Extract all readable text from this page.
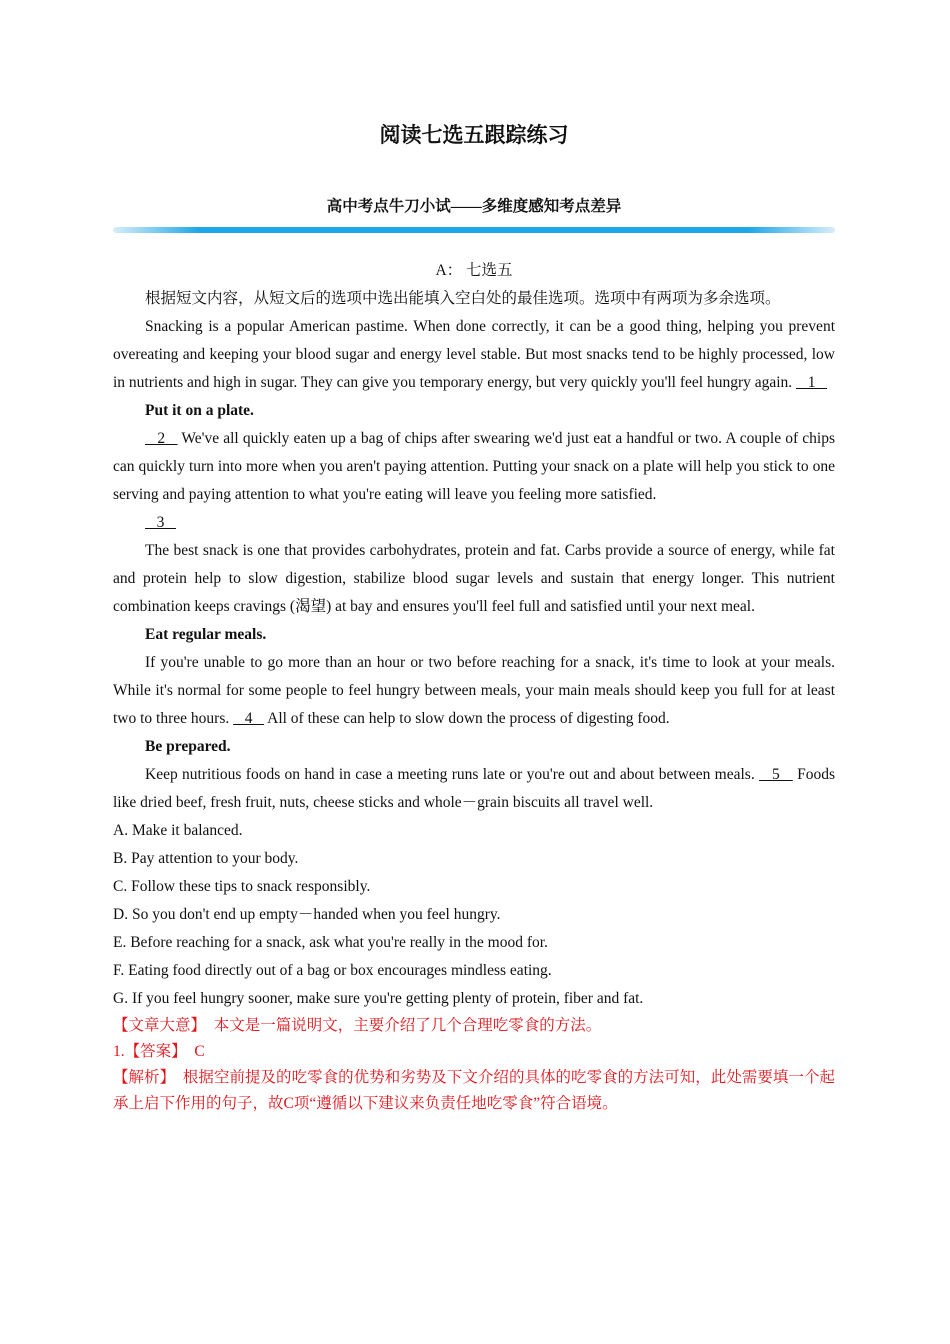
阅读七选五跟踪练习
高中考点牛刀小试——多维度感知考点差异

A： 七选五

根据短文内容，从短文后的选项中选出能填入空白处的最佳选项。选项中有两项为多余选项。

Snacking is a popular American pastime. When done correctly, it can be a good thing, helping you prevent overeating and keeping your blood sugar and energy level stable. But most snacks tend to be highly processed, low in nutrients and high in sugar. They can give you temporary energy, but very quickly you'll feel hungry again.    1

Put it on a plate.

2    We've all quickly eaten up a bag of chips after swearing we'd just eat a handful or two. A couple of chips can quickly turn into more when you aren't paying attention. Putting your snack on a plate will help you stick to one serving and paying attention to what you're eating will leave you feeling more satisfied.

3

The best snack is one that provides carbohydrates, protein and fat. Carbs provide a source of energy, while fat and protein help to slow digestion, stabilize blood sugar levels and sustain that energy longer. This nutrient combination keeps cravings (渴望) at bay and ensures you'll feel full and satisfied until your next meal.

Eat regular meals.

If you're unable to go more than an hour or two before reaching for a snack, it's time to look at your meals. While it's normal for some people to feel hungry between meals, your main meals should keep you full for at least two to three hours.    4    All of these can help to slow down the process of digesting food.

Be prepared.

Keep nutritious foods on hand in case a meeting runs late or you're out and about between meals.    5    Foods like dried beef, fresh fruit, nuts, cheese sticks and whole－grain biscuits all travel well.

A. Make it balanced.

B. Pay attention to your body.

C. Follow these tips to snack responsibly.

D. So you don't end up empty－handed when you feel hungry.

E. Before reaching for a snack, ask what you're really in the mood for.

F. Eating food directly out of a bag or box encourages mindless eating.

G. If you feel hungry sooner, make sure you're getting plenty of protein, fiber and fat.

【文章大意】　本文是一篇说明文，主要介绍了几个合理吃零食的方法。

1.【答案】　C

【解析】　根据空前提及的吃零食的优势和劣势及下文介绍的具体的吃零食的方法可知，此处需要填一个起承上启下作用的句子，故C项“遵循以下建议来负责任地吃零食”符合语境。
